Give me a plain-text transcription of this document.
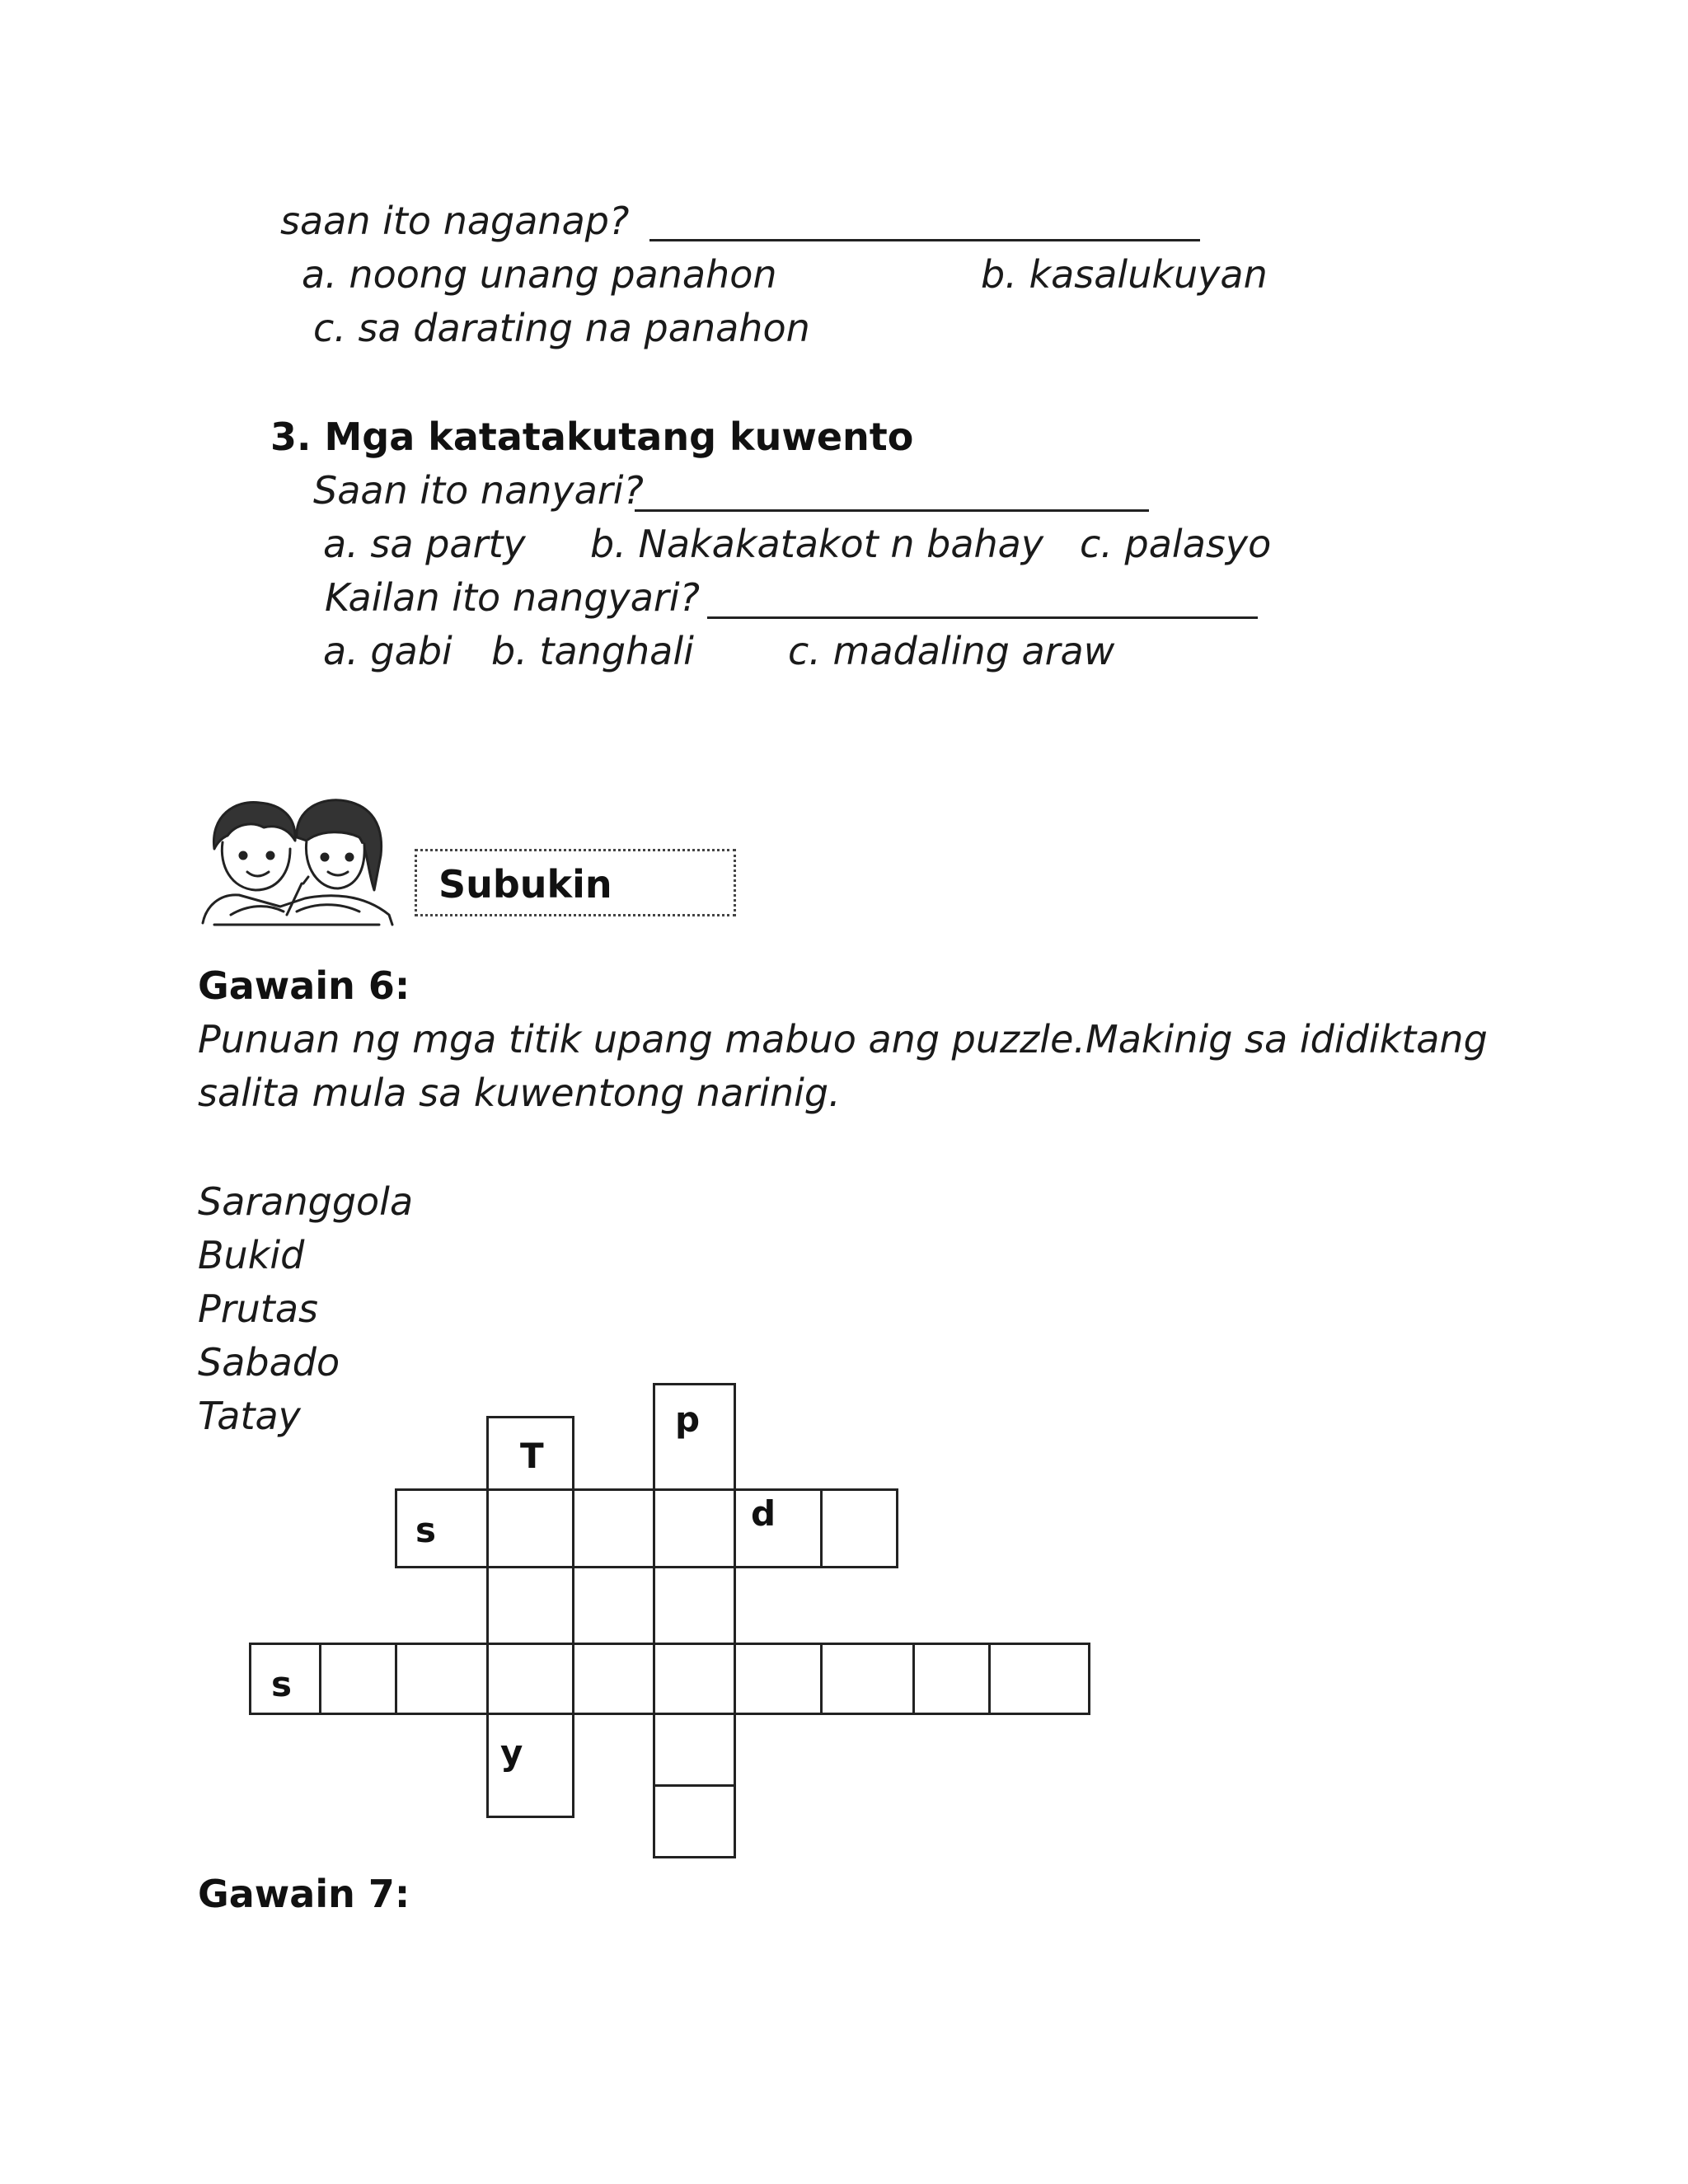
saan ito naganap?
a. noong unang panahon	b. kasalukuyan
c. sa darating na panahon
3. Mga katatakutang kuwento
Saan ito nanyari?
a. sa party b. Nakakatakot n bahay c. palasyo
Kailan ito nangyari?
a. gabi b. tanghali c. madaling araw
Subukin
Gawain 6:
Punuan ng mga titik upang mabuo ang puzzle.Makinig sa ididiktang
salita mula sa kuwentong narinig.
Saranggola
Bukid
Prutas
Sabado
Tatay
T
p
s	d
s
y
Gawain 7:
